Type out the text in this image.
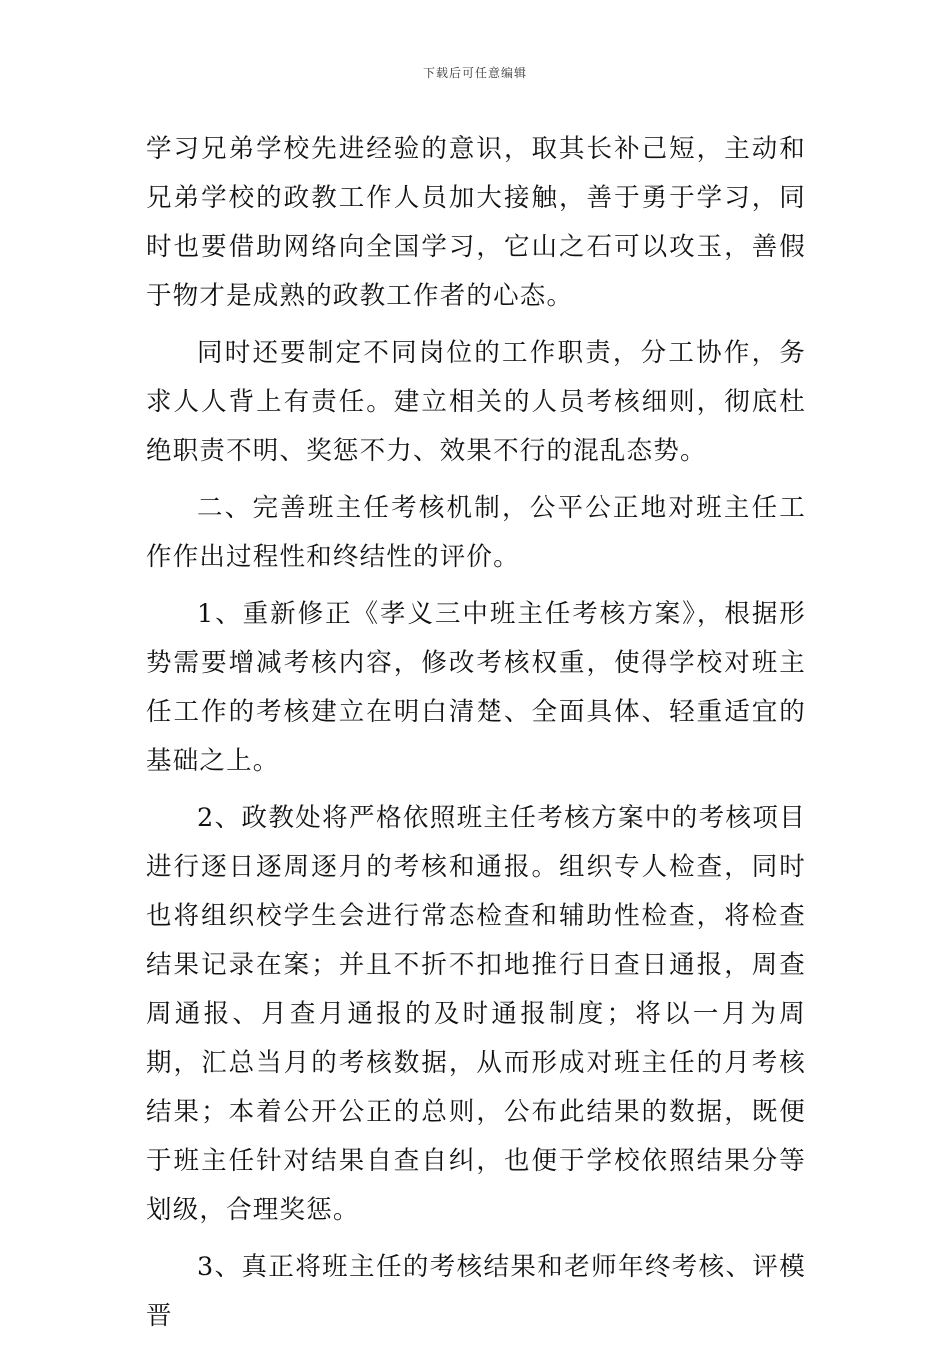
下载后可任意编辑

学习兄弟学校先进经验的意识，取其长补己短，主动和兄弟学校的政教工作人员加大接触，善于勇于学习，同时也要借助网络向全国学习，它山之石可以攻玉，善假于物才是成熟的政教工作者的心态。

同时还要制定不同岗位的工作职责，分工协作，务求人人背上有责任。建立相关的人员考核细则，彻底杜绝职责不明、奖惩不力、效果不行的混乱态势。

二、完善班主任考核机制，公平公正地对班主任工作作出过程性和终结性的评价。

1、重新修正《孝义三中班主任考核方案》，根据形势需要增减考核内容，修改考核权重，使得学校对班主任工作的考核建立在明白清楚、全面具体、轻重适宜的基础之上。

2、政教处将严格依照班主任考核方案中的考核项目进行逐日逐周逐月的考核和通报。组织专人检查，同时也将组织校学生会进行常态检查和辅助性检查，将检查结果记录在案；并且不折不扣地推行日查日通报，周查周通报、月查月通报的及时通报制度；将以一月为周期，汇总当月的考核数据，从而形成对班主任的月考核结果；本着公开公正的总则，公布此结果的数据，既便于班主任针对结果自查自纠，也便于学校依照结果分等划级，合理奖惩。

3、真正将班主任的考核结果和老师年终考核、评模晋
